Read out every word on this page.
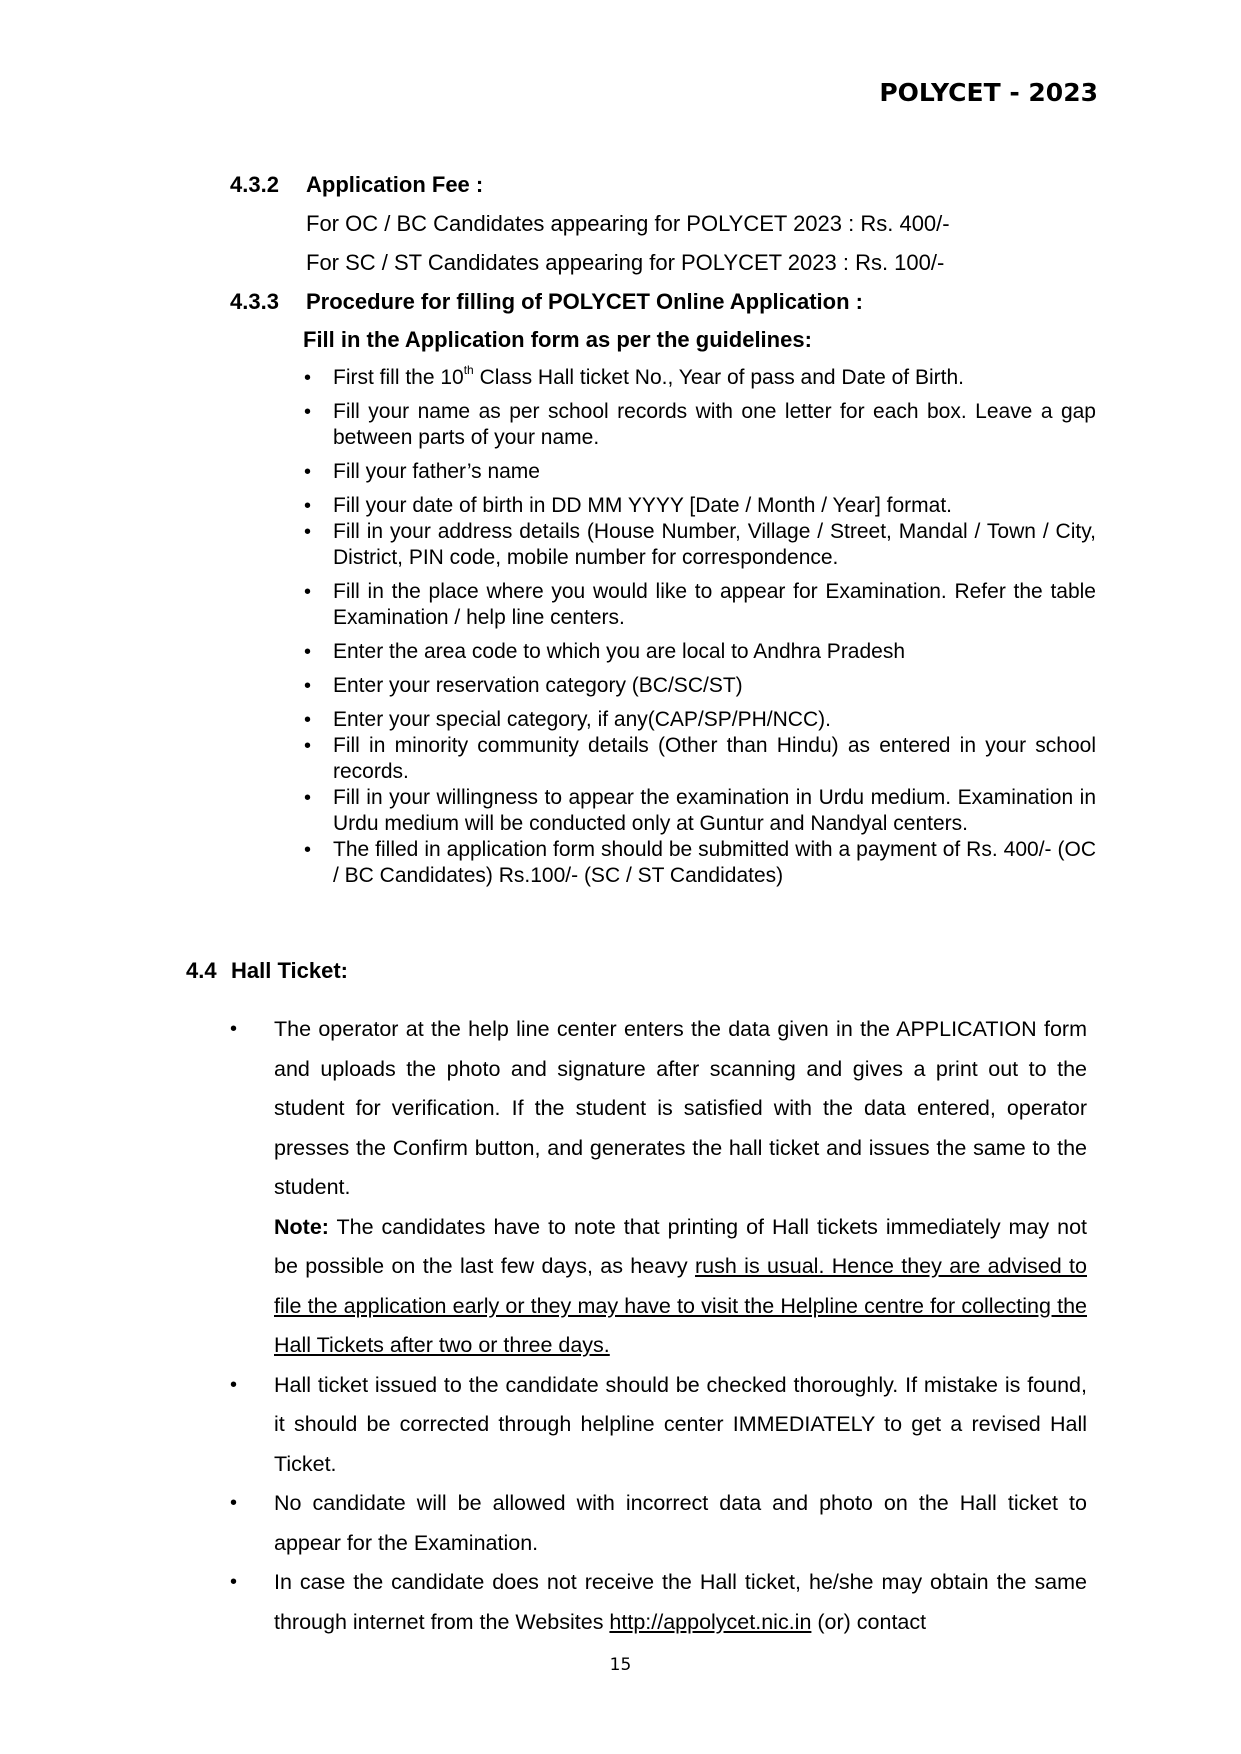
POLYCET - 2023
4.3.2 Application Fee :
For OC / BC Candidates appearing for POLYCET 2023 : Rs. 400/-
For SC / ST Candidates appearing for POLYCET 2023 : Rs. 100/-
4.3.3 Procedure for filling of POLYCET Online Application :
Fill in the Application form as per the guidelines:
• First fill the 10th Class Hall ticket No., Year of pass and Date of Birth.
• Fill your name as per school records with one letter for each box. Leave a gap between parts of your name.
• Fill your father’s name
• Fill your date of birth in DD MM YYYY [Date / Month / Year] format.
• Fill in your address details (House Number, Village / Street, Mandal / Town / City, District, PIN code, mobile number for correspondence.
• Fill in the place where you would like to appear for Examination. Refer the table Examination / help line centers.
• Enter the area code to which you are local to Andhra Pradesh
• Enter your reservation category (BC/SC/ST)
• Enter your special category, if any(CAP/SP/PH/NCC).
• Fill in minority community details (Other than Hindu) as entered in your school records.
• Fill in your willingness to appear the examination in Urdu medium. Examination in Urdu medium will be conducted only at Guntur and Nandyal centers.
• The filled in application form should be submitted with a payment of Rs. 400/- (OC / BC Candidates) Rs.100/- (SC / ST Candidates)
4.4 Hall Ticket:
• The operator at the help line center enters the data given in the APPLICATION form and uploads the photo and signature after scanning and gives a print out to the student for verification. If the student is satisfied with the data entered, operator presses the Confirm button, and generates the hall ticket and issues the same to the student.
Note: The candidates have to note that printing of Hall tickets immediately may not be possible on the last few days, as heavy rush is usual. Hence they are advised to file the application early or they may have to visit the Helpline centre for collecting the Hall Tickets after two or three days.
• Hall ticket issued to the candidate should be checked thoroughly. If mistake is found, it should be corrected through helpline center IMMEDIATELY to get a revised Hall Ticket.
• No candidate will be allowed with incorrect data and photo on the Hall ticket to appear for the Examination.
• In case the candidate does not receive the Hall ticket, he/she may obtain the same through internet from the Websites http://appolycet.nic.in (or) contact
15
